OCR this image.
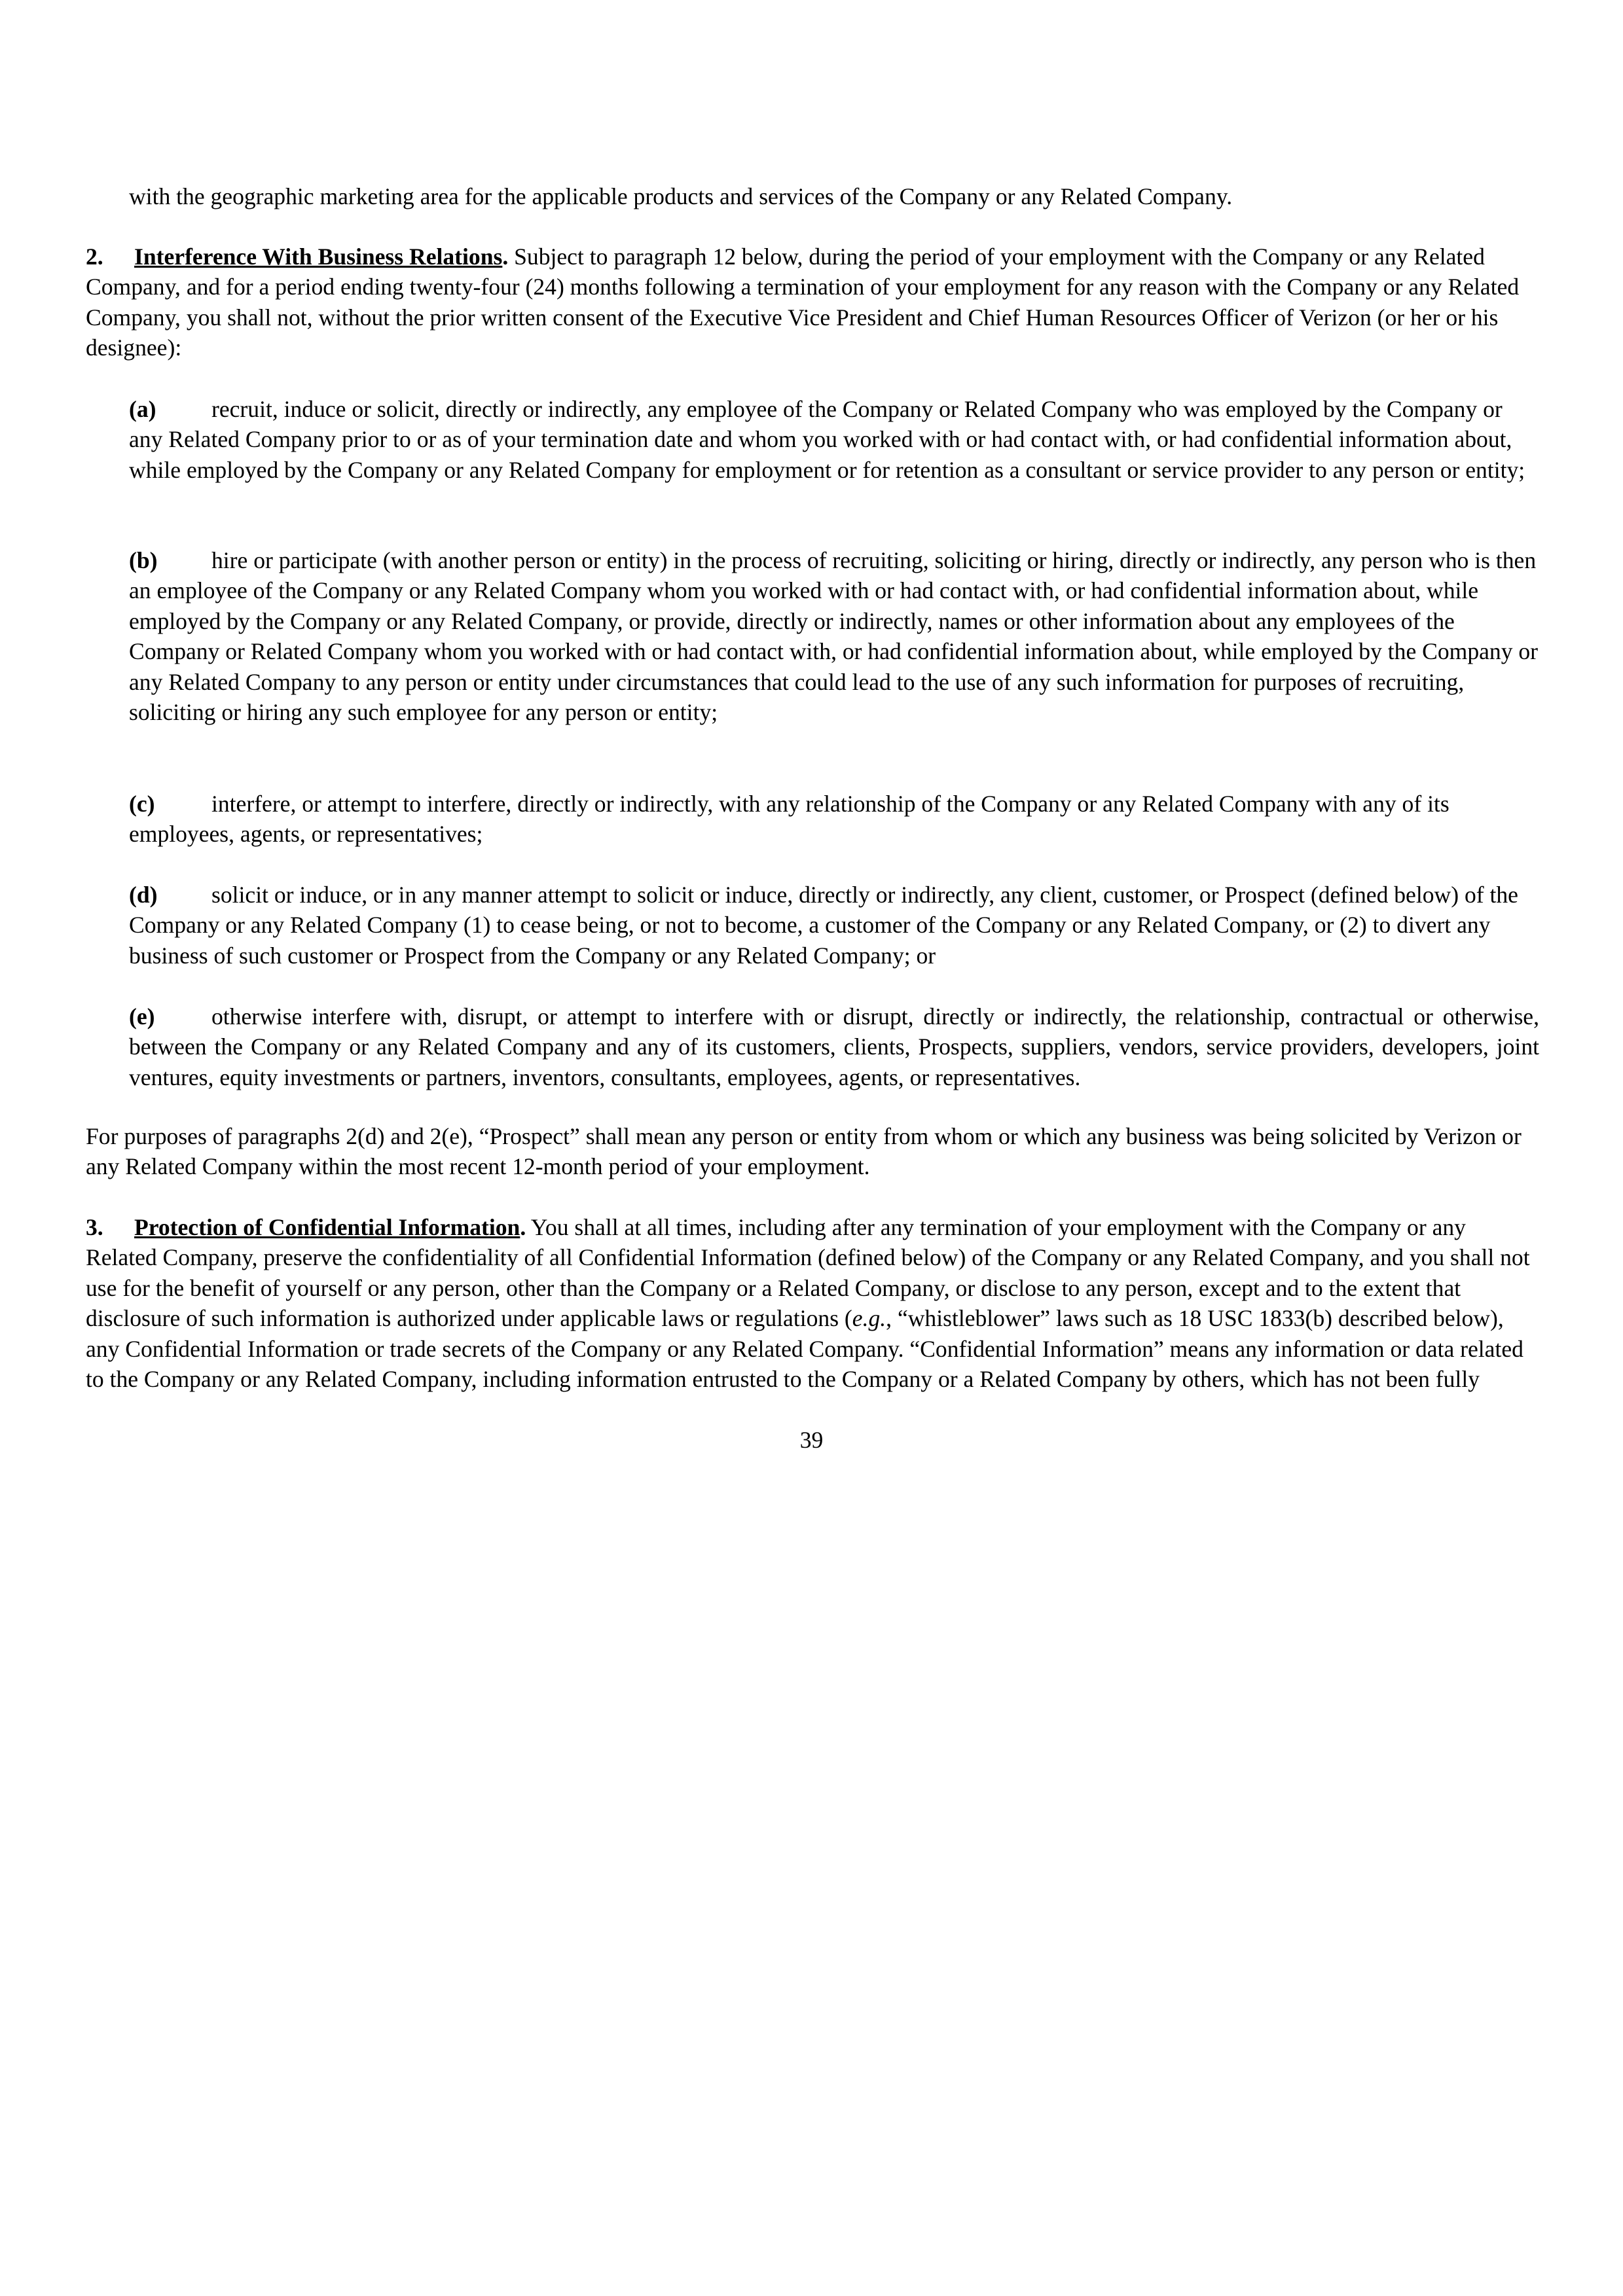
with the geographic marketing area for the applicable products and services of the Company or any Related Company.

2. Interference With Business Relations. Subject to paragraph 12 below, during the period of your employment with the Company or any Related Company, and for a period ending twenty-four (24) months following a termination of your employment for any reason with the Company or any Related Company, you shall not, without the prior written consent of the Executive Vice President and Chief Human Resources Officer of Verizon (or her or his designee):

(a) recruit, induce or solicit, directly or indirectly, any employee of the Company or Related Company who was employed by the Company or any Related Company prior to or as of your termination date and whom you worked with or had contact with, or had confidential information about, while employed by the Company or any Related Company for employment or for retention as a consultant or service provider to any person or entity;

(b) hire or participate (with another person or entity) in the process of recruiting, soliciting or hiring, directly or indirectly, any person who is then an employee of the Company or any Related Company whom you worked with or had contact with, or had confidential information about, while employed by the Company or any Related Company, or provide, directly or indirectly, names or other information about any employees of the Company or Related Company whom you worked with or had contact with, or had confidential information about, while employed by the Company or any Related Company to any person or entity under circumstances that could lead to the use of any such information for purposes of recruiting, soliciting or hiring any such employee for any person or entity;

(c) interfere, or attempt to interfere, directly or indirectly, with any relationship of the Company or any Related Company with any of its employees, agents, or representatives;

(d) solicit or induce, or in any manner attempt to solicit or induce, directly or indirectly, any client, customer, or Prospect (defined below) of the Company or any Related Company (1) to cease being, or not to become, a customer of the Company or any Related Company, or (2) to divert any business of such customer or Prospect from the Company or any Related Company; or

(e) otherwise interfere with, disrupt, or attempt to interfere with or disrupt, directly or indirectly, the relationship, contractual or otherwise, between the Company or any Related Company and any of its customers, clients, Prospects, suppliers, vendors, service providers, developers, joint ventures, equity investments or partners, inventors, consultants, employees, agents, or representatives.

For purposes of paragraphs 2(d) and 2(e), “Prospect” shall mean any person or entity from whom or which any business was being solicited by Verizon or any Related Company within the most recent 12-month period of your employment.

3. Protection of Confidential Information. You shall at all times, including after any termination of your employment with the Company or any Related Company, preserve the confidentiality of all Confidential Information (defined below) of the Company or any Related Company, and you shall not use for the benefit of yourself or any person, other than the Company or a Related Company, or disclose to any person, except and to the extent that disclosure of such information is authorized under applicable laws or regulations (e.g., “whistleblower” laws such as 18 USC 1833(b) described below), any Confidential Information or trade secrets of the Company or any Related Company. “Confidential Information” means any information or data related to the Company or any Related Company, including information entrusted to the Company or a Related Company by others, which has not been fully

39
